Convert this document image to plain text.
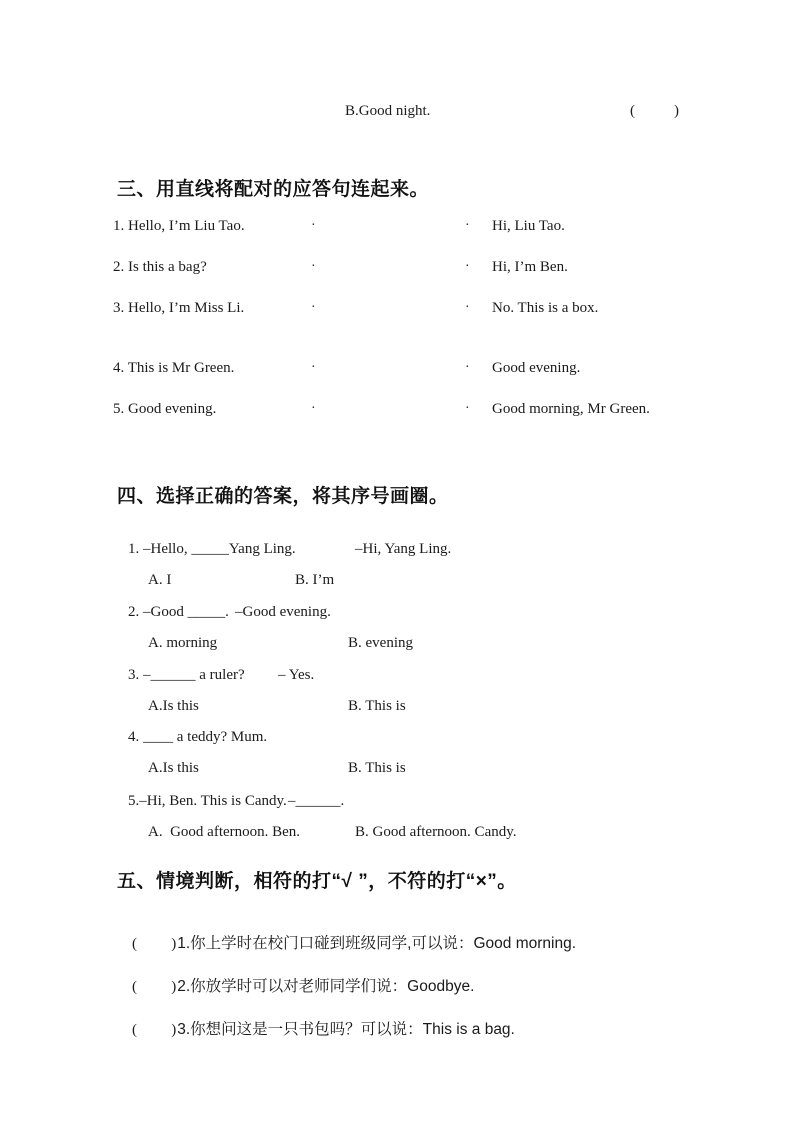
B.Good night.	(        )
三、用直线将配对的应答句连起来。
1. Hello, I’m Liu Tao.	·	· Hi, Liu Tao.
2. Is this a bag?	·	· Hi, I’m Ben.
3. Hello, I’m Miss Li.	·	· No. This is a box.
4. This is Mr Green.	·	· Good evening.
5. Good evening.	·	· Good morning, Mr Green.
四、选择正确的答案，将其序号画圈。

1. –Hello, _____Yang Ling.	–Hi, Yang Ling.

A. I	B. I’m

2. –Good _____. –Good evening.

A. morning	B. evening

3. –______ a ruler? – Yes.

A.Is this	B. This is

4. ____ a teddy? Mum.

A.Is this	B. This is

5.–Hi, Ben. This is Candy.–______.

A.  Good afternoon. Ben.	B. Good afternoon. Candy.

五、情境判断，相符的打“√ ”，不符的打“×”。

(       )1.你上学时在校门口碰到班级同学,可以说：Good morning.

(       )2.你放学时可以对老师同学们说：Goodbye.

(       )3.你想问这是一只书包吗？可以说：This is a bag.
